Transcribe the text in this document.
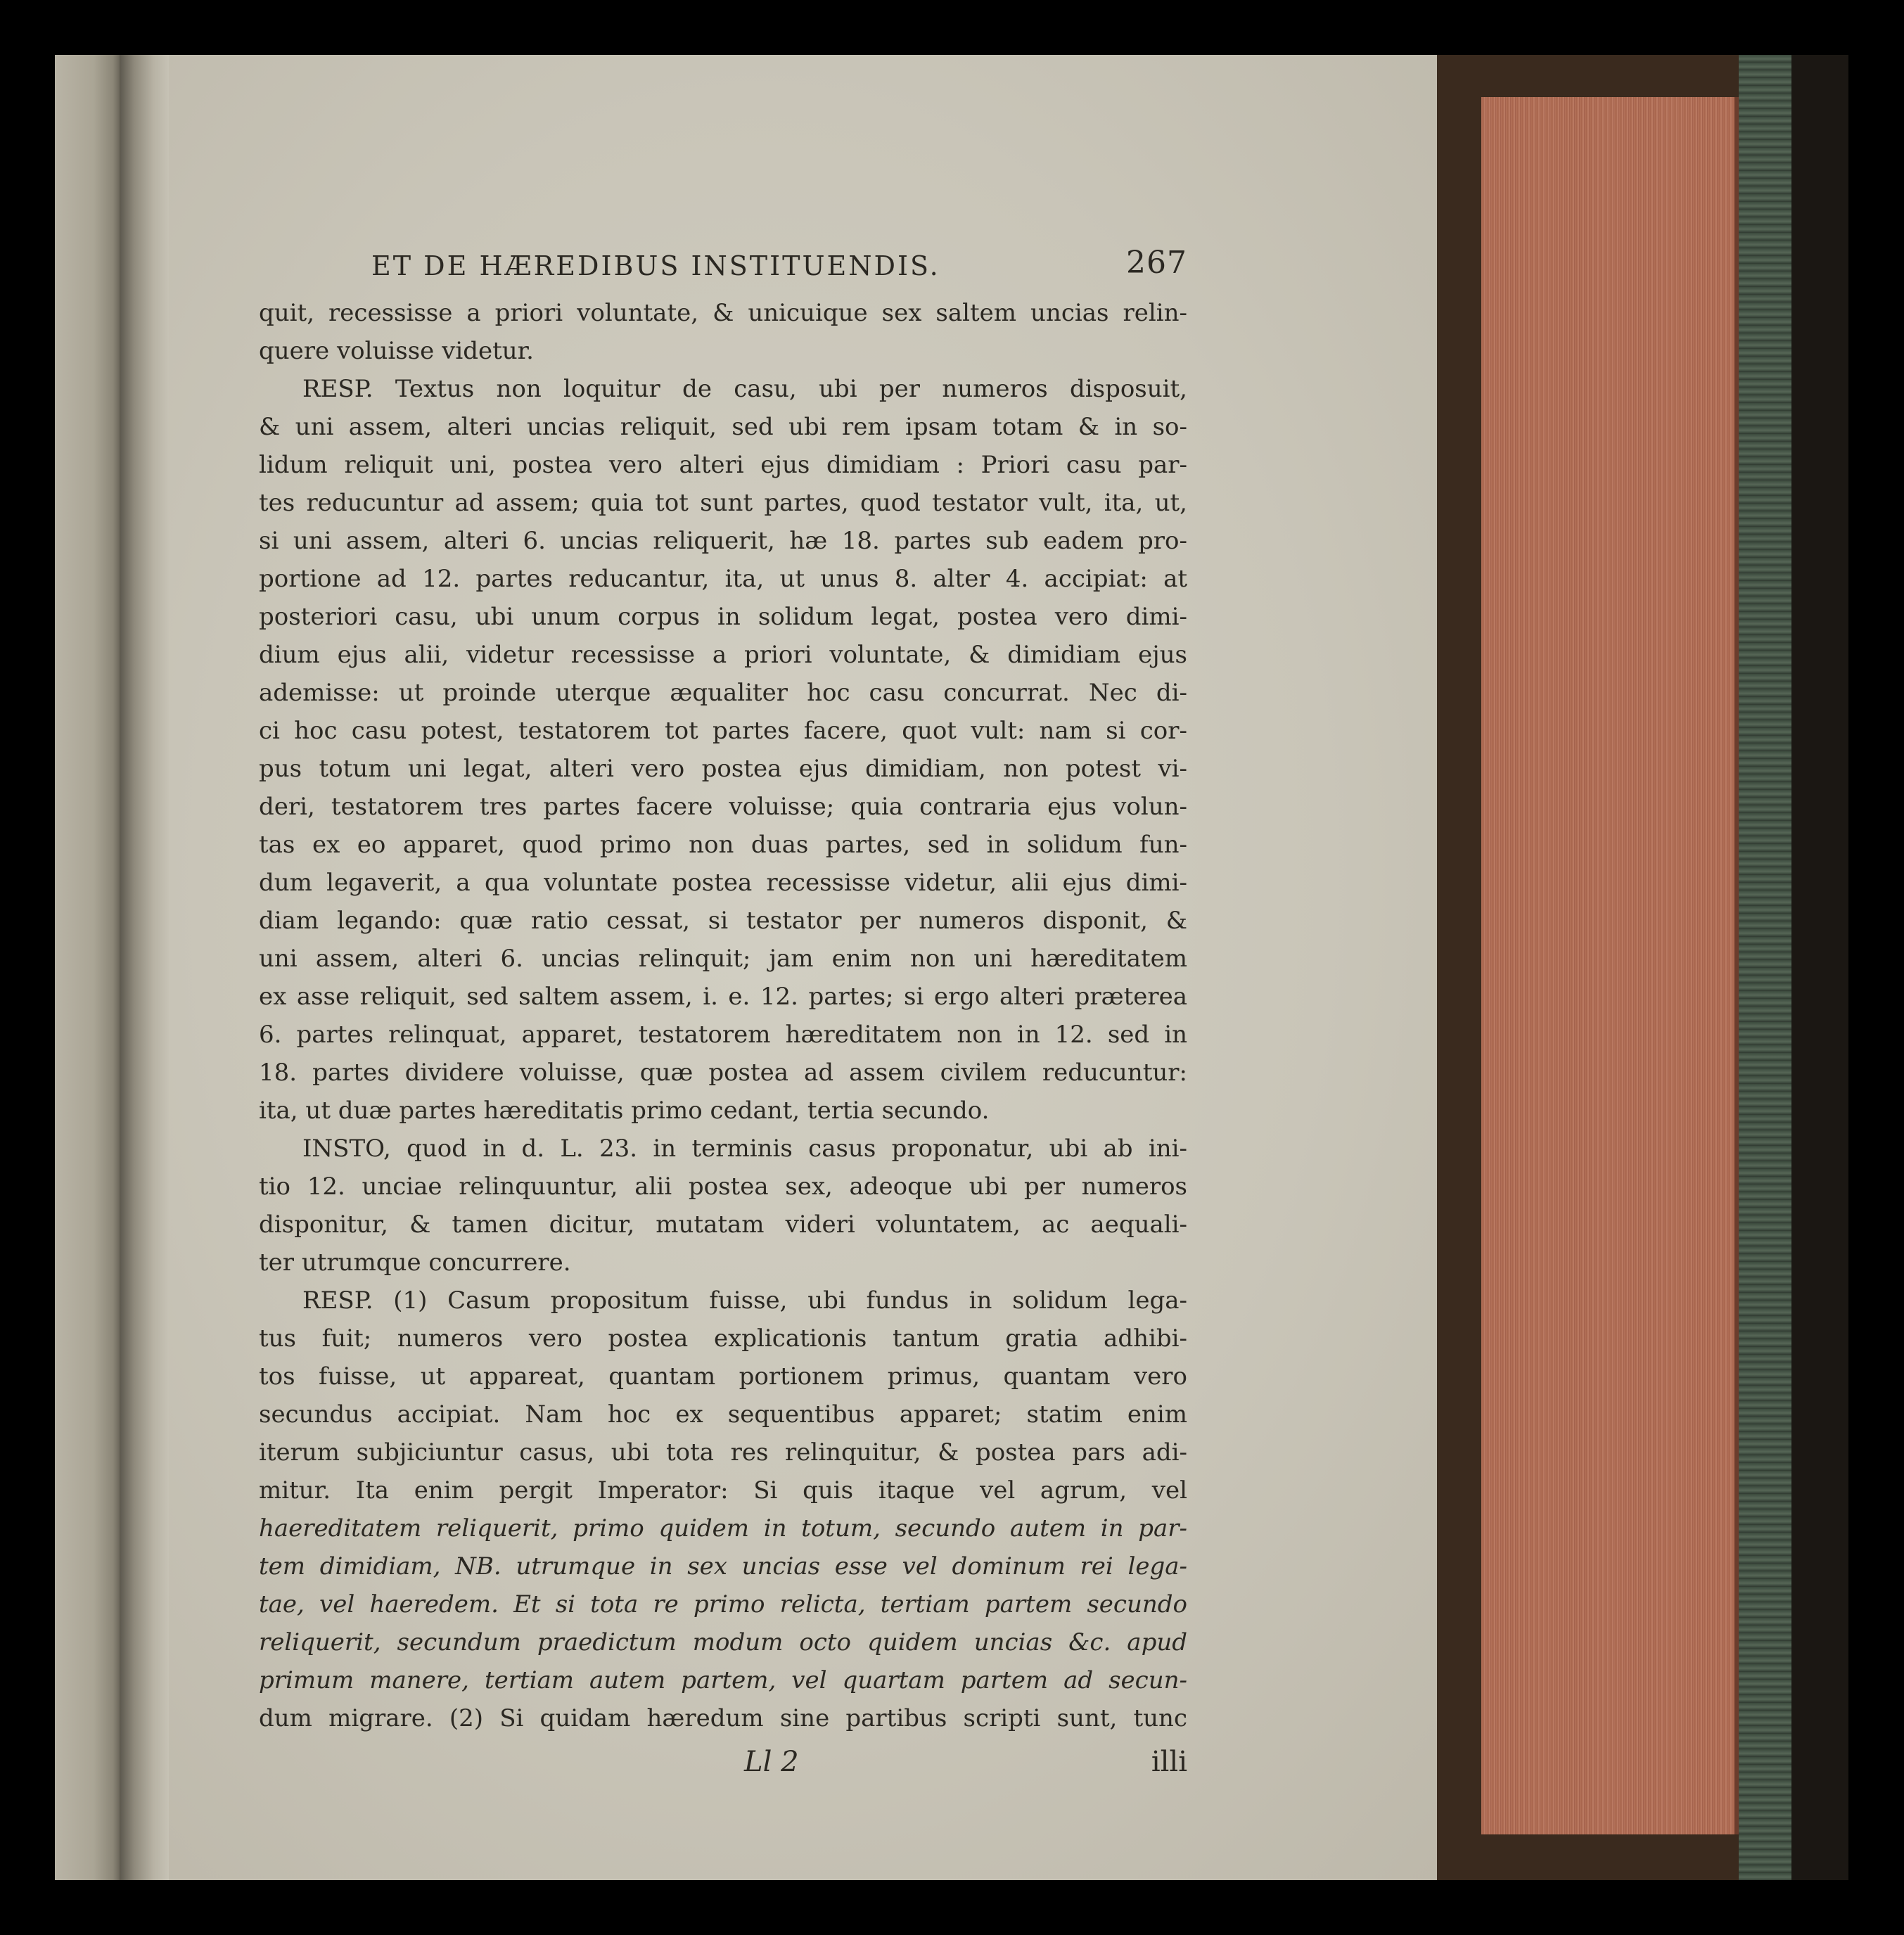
ET DE HÆREDIBUS INSTITUENDIS.	267
quit, recessisse a priori voluntate, & unicuique sex saltem uncias relin-
quere voluisse videtur.
RESP. Textus non loquitur de casu, ubi per numeros disposuit,
& uni assem, alteri uncias reliquit, sed ubi rem ipsam totam & in so-
lidum reliquit uni, postea vero alteri ejus dimidiam : Priori casu par-
tes reducuntur ad assem; quia tot sunt partes, quod testator vult, ita, ut,
si uni assem, alteri 6. uncias reliquerit, hæ 18. partes sub eadem pro-
portione ad 12. partes reducantur, ita, ut unus 8. alter 4. accipiat: at
posteriori casu, ubi unum corpus in solidum legat, postea vero dimi-
dium ejus alii, videtur recessisse a priori voluntate, & dimidiam ejus
ademisse: ut proinde uterque æqualiter hoc casu concurrat. Nec di-
ci hoc casu potest, testatorem tot partes facere, quot vult: nam si cor-
pus totum uni legat, alteri vero postea ejus dimidiam, non potest vi-
deri, testatorem tres partes facere voluisse; quia contraria ejus volun-
tas ex eo apparet, quod primo non duas partes, sed in solidum fun-
dum legaverit, a qua voluntate postea recessisse videtur, alii ejus dimi-
diam legando: quæ ratio cessat, si testator per numeros disponit, &
uni assem, alteri 6. uncias relinquit; jam enim non uni hæreditatem
ex asse reliquit, sed saltem assem, i. e. 12. partes; si ergo alteri præterea
6. partes relinquat, apparet, testatorem hæreditatem non in 12. sed in
18. partes dividere voluisse, quæ postea ad assem civilem reducuntur:
ita, ut duæ partes hæreditatis primo cedant, tertia secundo.
INSTO, quod in d. L. 23. in terminis casus proponatur, ubi ab ini-
tio 12. unciae relinquuntur, alii postea sex, adeoque ubi per numeros
disponitur, & tamen dicitur, mutatam videri voluntatem, ac aequali-
ter utrumque concurrere.
RESP. (1) Casum propositum fuisse, ubi fundus in solidum lega-
tus fuit; numeros vero postea explicationis tantum gratia adhibi-
tos fuisse, ut appareat, quantam portionem primus, quantam vero
secundus accipiat. Nam hoc ex sequentibus apparet; statim enim
iterum subjiciuntur casus, ubi tota res relinquitur, & postea pars adi-
mitur. Ita enim pergit Imperator: Si quis itaque vel agrum, vel
haereditatem reliquerit, primo quidem in totum, secundo autem in par-
tem dimidiam, NB. utrumque in sex uncias esse vel dominum rei lega-
tae, vel haeredem. Et si tota re primo relicta, tertiam partem secundo
reliquerit, secundum praedictum modum octo quidem uncias &c. apud
primum manere, tertiam autem partem, vel quartam partem ad secun-
dum migrare. (2) Si quidam hæredum sine partibus scripti sunt, tunc
Ll 2	illi
